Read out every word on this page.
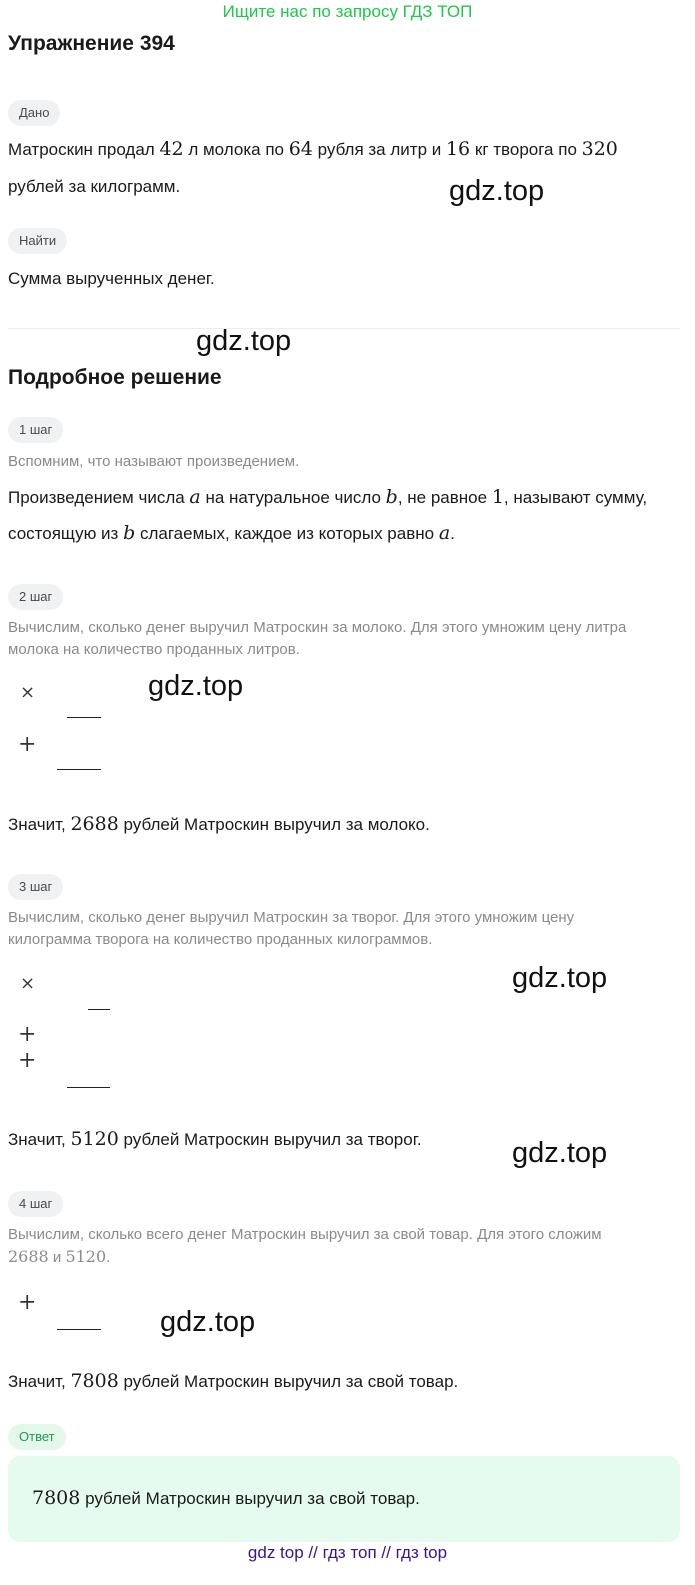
Ищите нас по запросу ГДЗ ТОП
Упражнение 394
Дано
Матроскин продал 42 л молока по 64 рубля за литр и 16 кг творога по 320
рублей за килограмм.	gdz.top
Найти
Сумма вырученных денег.
gdz.top
Подробное решение
1 шаг
Вспомним, что называют произведением.
Произведением числа a на натуральное число b, не равное 1, называют сумму,
состоящую из b слагаемых, каждое из которых равно a.
2 шаг
Вычислим, сколько денег выручил Матроскин за молоко. Для этого умножим цену литра
молока на количество проданных литров.
×
+
gdz.top
Значит, 2688 рублей Матроскин выручил за молоко.
3 шаг
Вычислим, сколько денег выручил Матроскин за творог. Для этого умножим цену
килограмма творога на количество проданных килограммов.
×
+
+
gdz.top
Значит, 5120 рублей Матроскин выручил за творог.	gdz.top
4 шаг
Вычислим, сколько всего денег Матроскин выручил за свой товар. Для этого сложим
2688 и 5120.
+
gdz.top
Значит, 7808 рублей Матроскин выручил за свой товар.
Ответ
7808 рублей Матроскин выручил за свой товар.
gdz top // гдз топ // гдз top
